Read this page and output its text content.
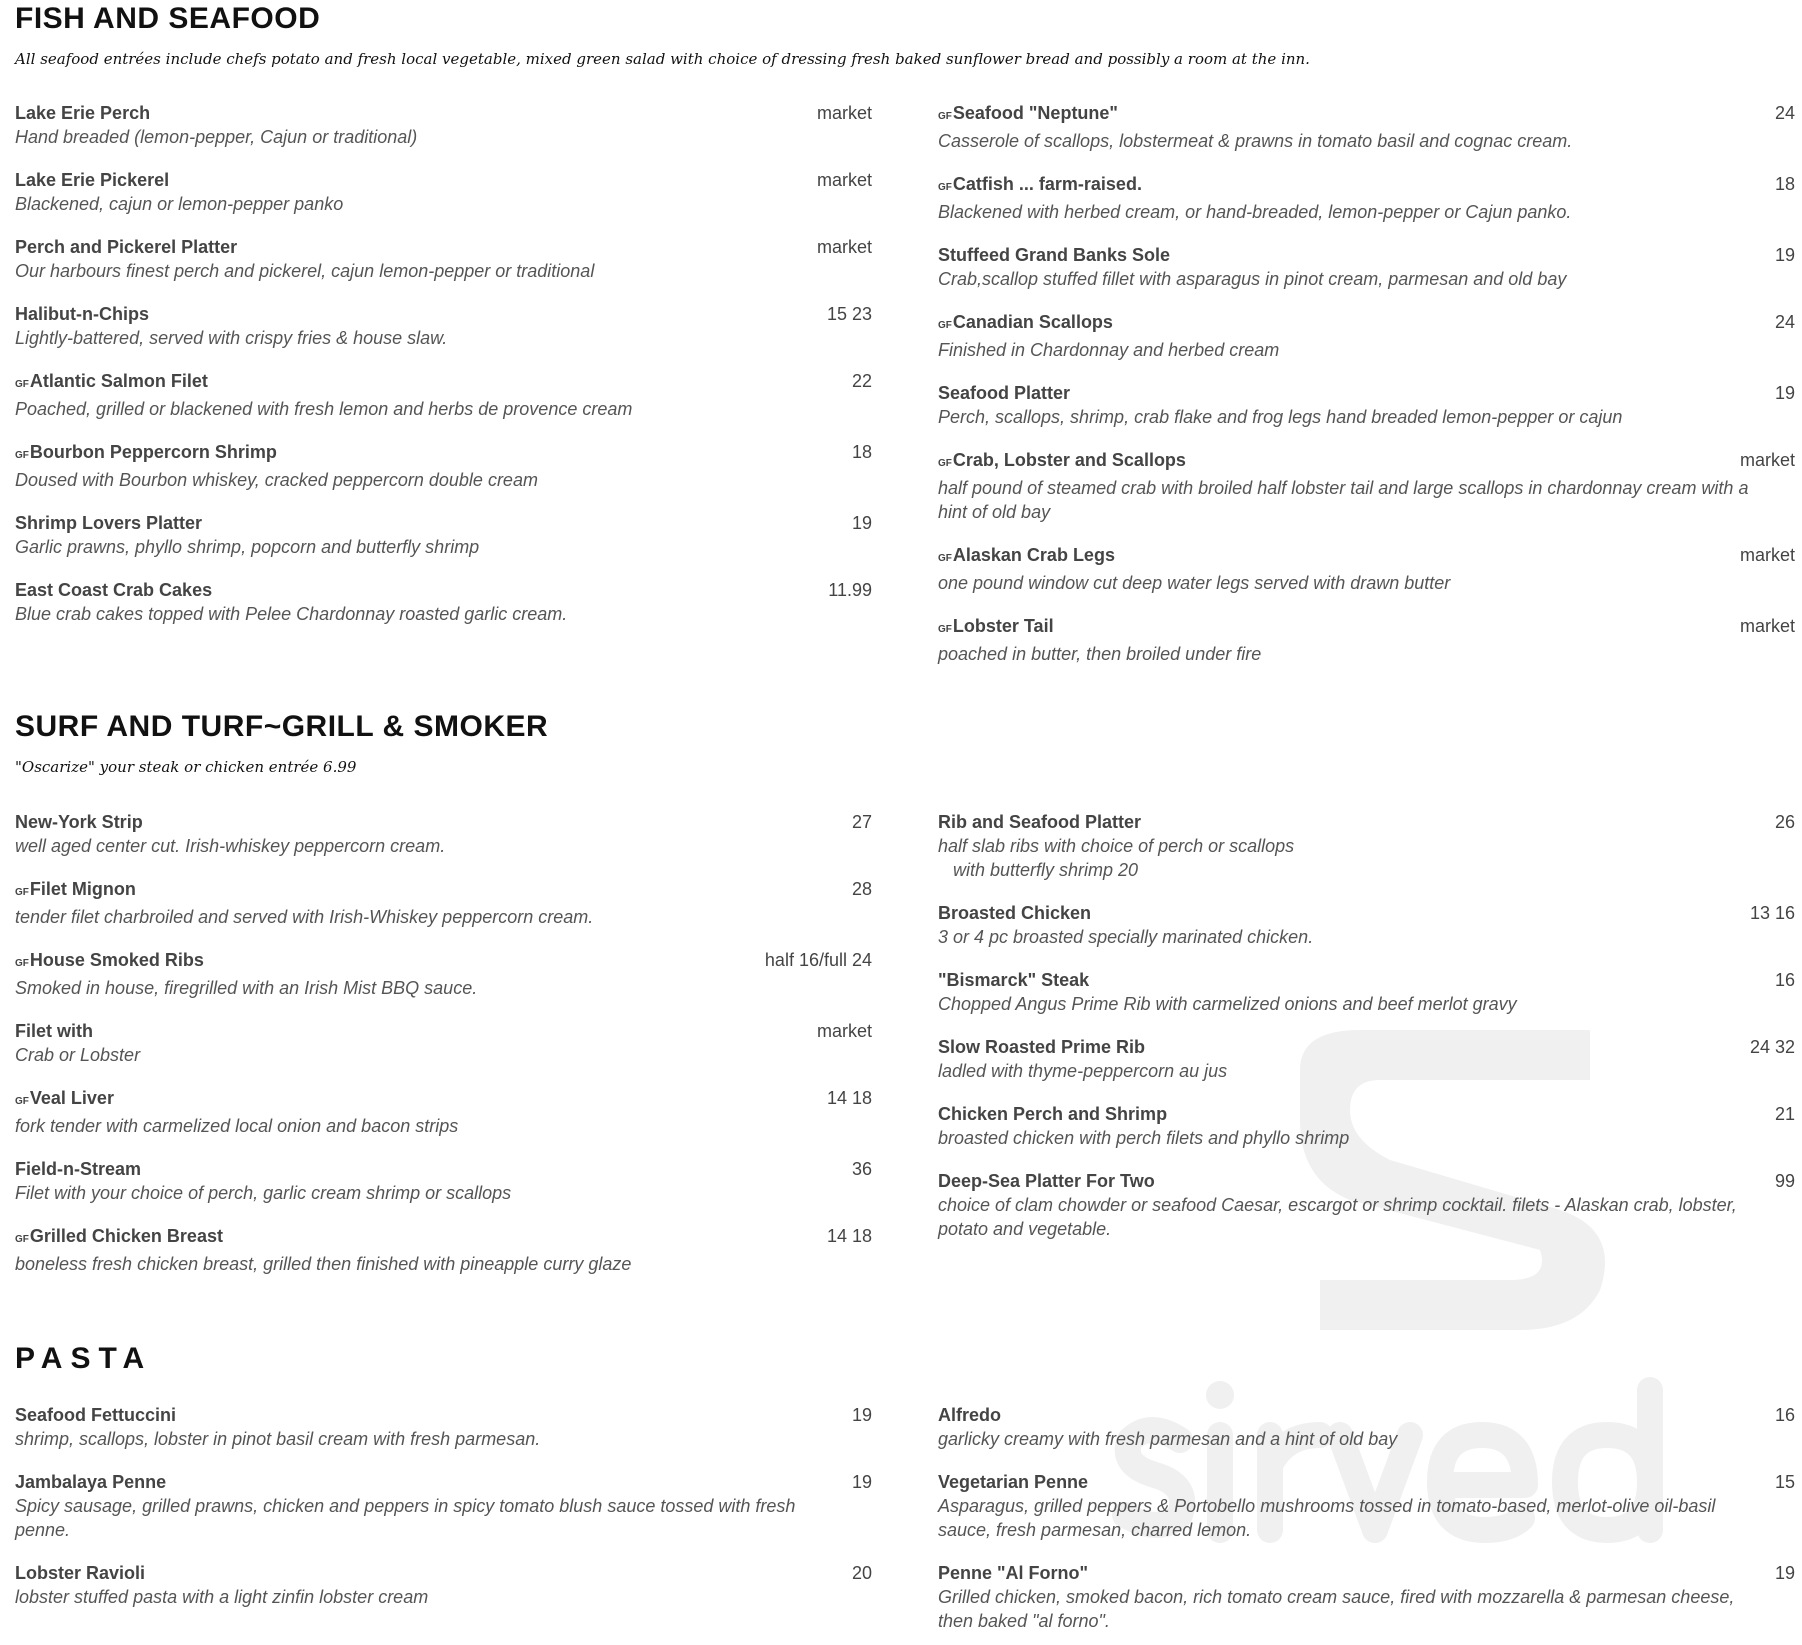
FISH AND SEAFOOD
All seafood entrées include chefs potato and fresh local vegetable, mixed green salad with choice of dressing fresh baked sunflower bread and possibly a room at the inn.
Lake Erie Perch	market
Hand breaded (lemon-pepper, Cajun or traditional)
Lake Erie Pickerel	market
Blackened, cajun or lemon-pepper panko
Perch and Pickerel Platter	market
Our harbours finest perch and pickerel, cajun lemon-pepper or traditional
Halibut-n-Chips	15 23
Lightly-battered, served with crispy fries & house slaw.
GFAtlantic Salmon Filet	22
Poached, grilled or blackened with fresh lemon and herbs de provence cream
GFBourbon Peppercorn Shrimp	18
Doused with Bourbon whiskey, cracked peppercorn double cream
Shrimp Lovers Platter	19
Garlic prawns, phyllo shrimp, popcorn and butterfly shrimp
East Coast Crab Cakes	11.99
Blue crab cakes topped with Pelee Chardonnay roasted garlic cream.
GFSeafood "Neptune"	24
Casserole of scallops, lobstermeat & prawns in tomato basil and cognac cream.
GFCatfish ... farm-raised.	18
Blackened with herbed cream, or hand-breaded, lemon-pepper or Cajun panko.
Stuffeed Grand Banks Sole	19
Crab,scallop stuffed fillet with asparagus in pinot cream, parmesan and old bay
GFCanadian Scallops	24
Finished in Chardonnay and herbed cream
Seafood Platter	19
Perch, scallops, shrimp, crab flake and frog legs hand breaded lemon-pepper or cajun
GFCrab, Lobster and Scallops	market
half pound of steamed crab with broiled half lobster tail and large scallops in chardonnay cream with a hint of old bay
GFAlaskan Crab Legs	market
one pound window cut deep water legs served with drawn butter
GFLobster Tail	market
poached in butter, then broiled under fire
SURF AND TURF~GRILL & SMOKER
"Oscarize" your steak or chicken entrée 6.99
New-York Strip	27
well aged center cut. Irish-whiskey peppercorn cream.
GFFilet Mignon	28
tender filet charbroiled and served with Irish-Whiskey peppercorn cream.
GFHouse Smoked Ribs	half 16/full 24
Smoked in house, firegrilled with an Irish Mist BBQ sauce.
Filet with	market
Crab or Lobster
GFVeal Liver	14 18
fork tender with carmelized local onion and bacon strips
Field-n-Stream	36
Filet with your choice of perch, garlic cream shrimp or scallops
GFGrilled Chicken Breast	14 18
boneless fresh chicken breast, grilled then finished with pineapple curry glaze
Rib and Seafood Platter	26
half slab ribs with choice of perch or scallops
with butterfly shrimp 20
Broasted Chicken	13 16
3 or 4 pc broasted specially marinated chicken.
"Bismarck" Steak	16
Chopped Angus Prime Rib with carmelized onions and beef merlot gravy
Slow Roasted Prime Rib	24 32
ladled with thyme-peppercorn au jus
Chicken Perch and Shrimp	21
broasted chicken with perch filets and phyllo shrimp
Deep-Sea Platter For Two	99
choice of clam chowder or seafood Caesar, escargot or shrimp cocktail. filets - Alaskan crab, lobster, potato and vegetable.
PASTA
Seafood Fettuccini	19
shrimp, scallops, lobster in pinot basil cream with fresh parmesan.
Jambalaya Penne	19
Spicy sausage, grilled prawns, chicken and peppers in spicy tomato blush sauce tossed with fresh penne.
Lobster Ravioli	20
lobster stuffed pasta with a light zinfin lobster cream
Alfredo	16
garlicky creamy with fresh parmesan and a hint of old bay
Vegetarian Penne	15
Asparagus, grilled peppers & Portobello mushrooms tossed in tomato-based, merlot-olive oil-basil sauce, fresh parmesan, charred lemon.
Penne "Al Forno"	19
Grilled chicken, smoked bacon, rich tomato cream sauce, fired with mozzarella & parmesan cheese, then baked "al forno".
